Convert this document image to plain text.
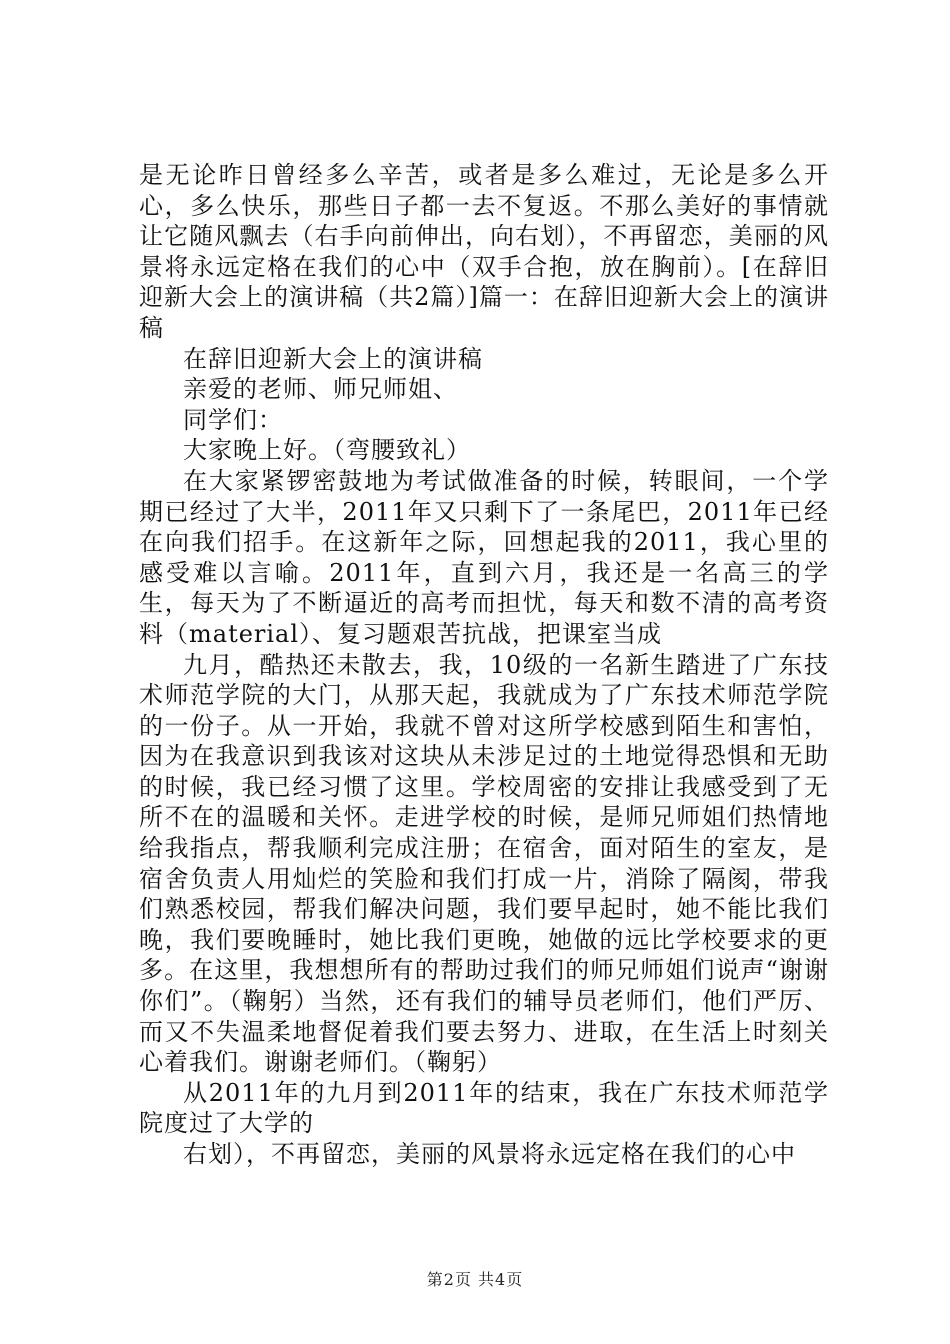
是无论昨日曾经多么辛苦，或者是多么难过，无论是多么开心，多么快乐，那些日子都一去不复返。不那么美好的事情就让它随风飘去（右手向前伸出，向右划），不再留恋，美丽的风景将永远定格在我们的心中（双手合抱，放在胸前）。[在辞旧迎新大会上的演讲稿（共2篇）]篇一：在辞旧迎新大会上的演讲稿

在辞旧迎新大会上的演讲稿

亲爱的老师、师兄师姐、

同学们：

大家晚上好。（弯腰致礼）

在大家紧锣密鼓地为考试做准备的时候，转眼间，一个学期已经过了大半，2011年又只剩下了一条尾巴，2011年已经在向我们招手。在这新年之际，回想起我的2011，我心里的感受难以言喻。2011年，直到六月，我还是一名高三的学生，每天为了不断逼近的高考而担忧，每天和数不清的高考资料（material）、复习题艰苦抗战，把课室当成

九月，酷热还未散去，我，10级的一名新生踏进了广东技术师范学院的大门，从那天起，我就成为了广东技术师范学院的一份子。从一开始，我就不曾对这所学校感到陌生和害怕，因为在我意识到我该对这块从未涉足过的土地觉得恐惧和无助的时候，我已经习惯了这里。学校周密的安排让我感受到了无所不在的温暖和关怀。走进学校的时候，是师兄师姐们热情地给我指点，帮我顺利完成注册；在宿舍，面对陌生的室友，是宿舍负责人用灿烂的笑脸和我们打成一片，消除了隔阂，带我们熟悉校园，帮我们解决问题，我们要早起时，她不能比我们晚，我们要晚睡时，她比我们更晚，她做的远比学校要求的更多。在这里，我想想所有的帮助过我们的师兄师姐们说声“谢谢你们”。（鞠躬）当然，还有我们的辅导员老师们，他们严厉、而又不失温柔地督促着我们要去努力、进取，在生活上时刻关心着我们。谢谢老师们。（鞠躬）

从2011年的九月到2011年的结束，我在广东技术师范学院度过了大学的

右划），不再留恋，美丽的风景将永远定格在我们的心中

第2页 共4页
